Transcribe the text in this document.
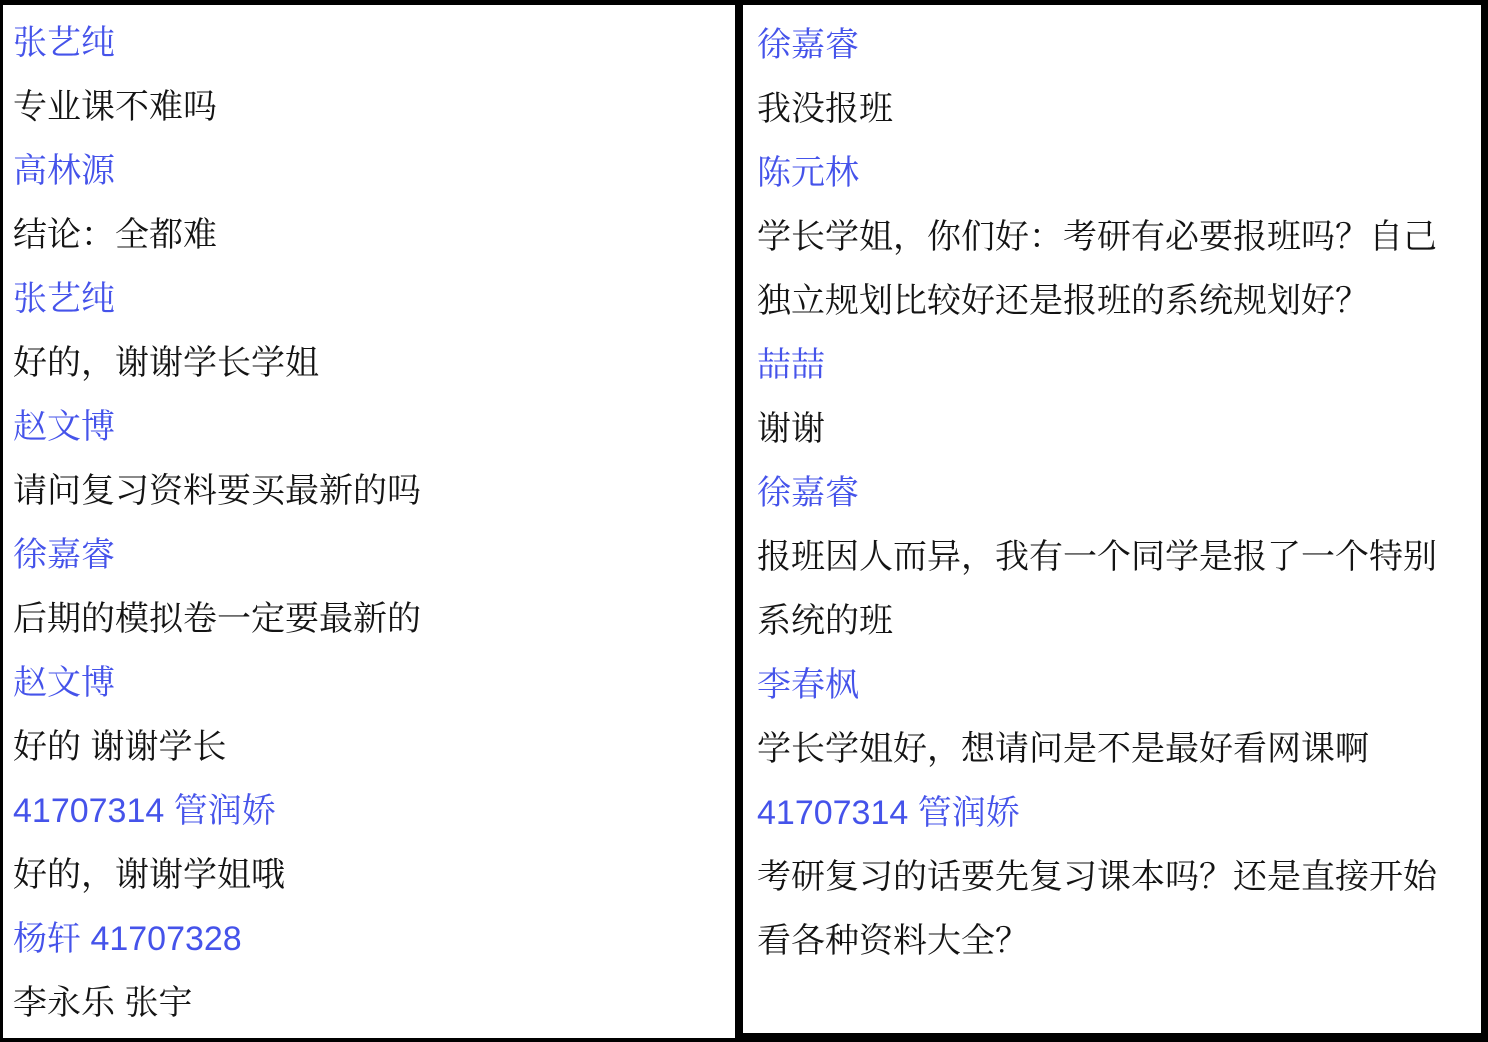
张艺纯

专业课不难吗

高林源

结论：全都难

张艺纯

好的，谢谢学长学姐

赵文博

请问复习资料要买最新的吗

徐嘉睿

后期的模拟卷一定要最新的

赵文博

好的 谢谢学长

41707314 管润娇

好的，谢谢学姐哦

杨轩 41707328

李永乐 张宇

徐嘉睿

我没报班

陈元林

学长学姐，你们好：考研有必要报班吗？自己独立规划比较好还是报班的系统规划好？

喆喆

谢谢

徐嘉睿

报班因人而异，我有一个同学是报了一个特别系统的班

李春枫

学长学姐好，想请问是不是最好看网课啊

41707314 管润娇

考研复习的话要先复习课本吗？还是直接开始看各种资料大全？
